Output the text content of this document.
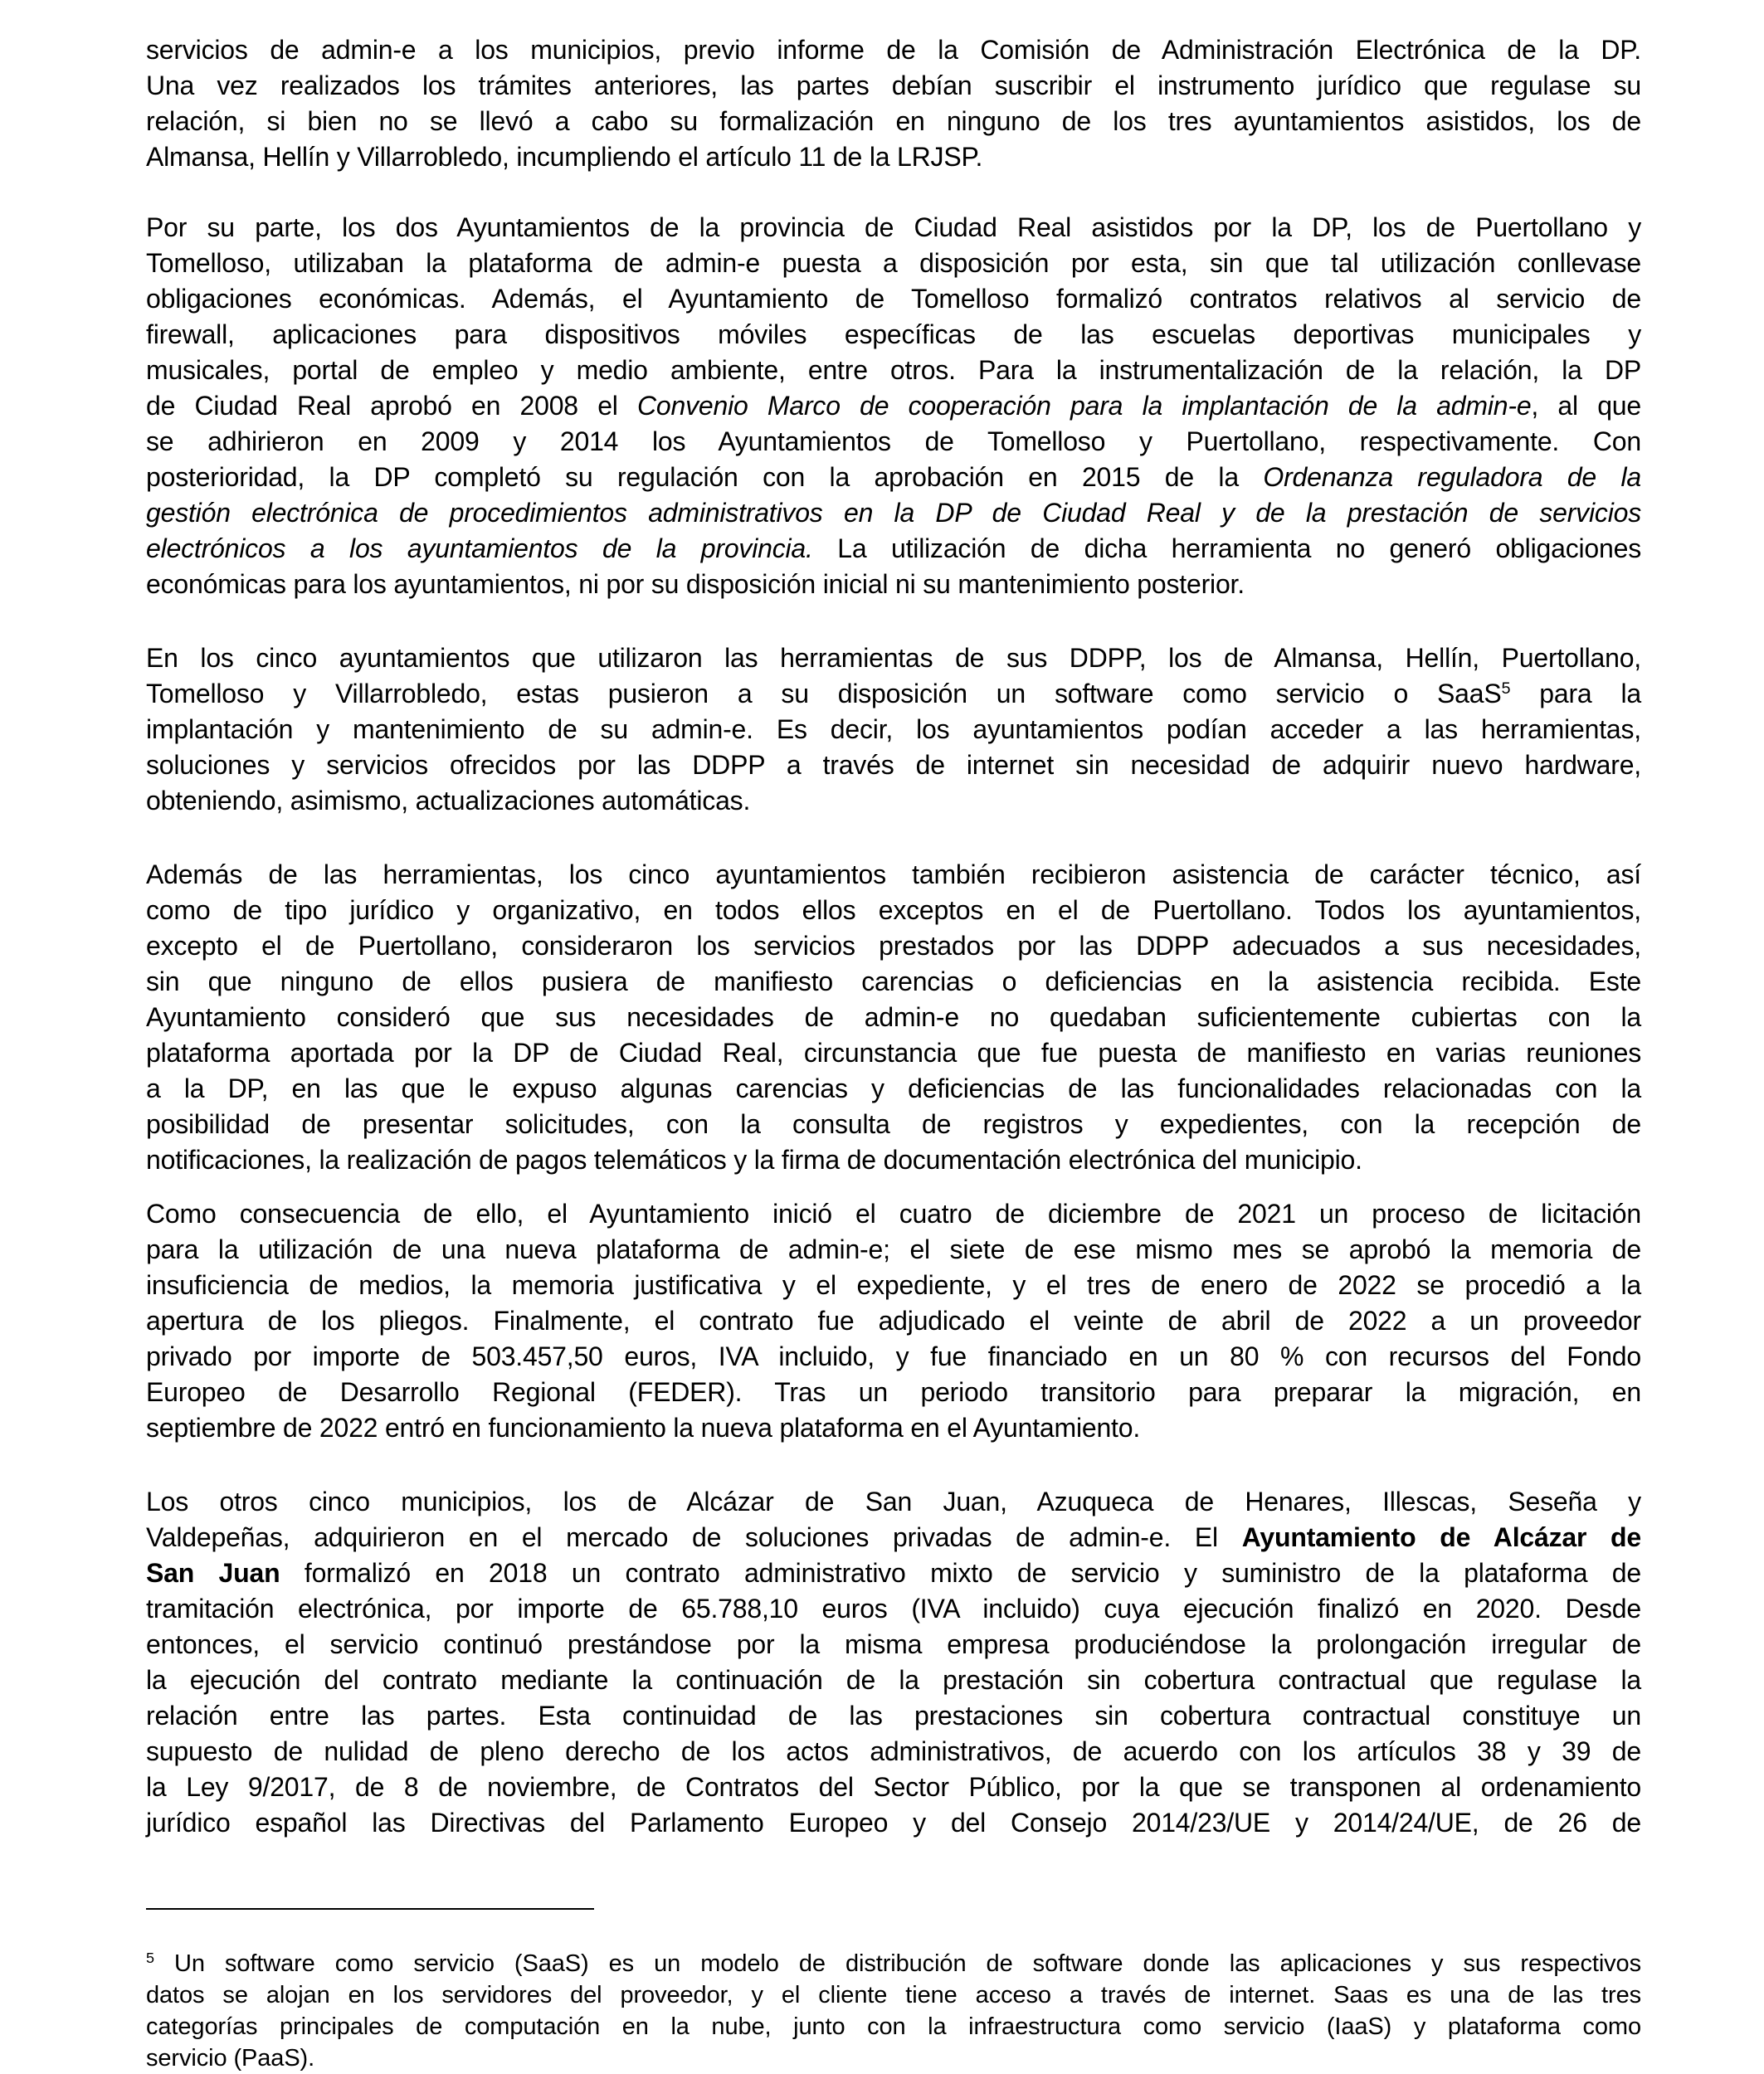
servicios de admin-e a los municipios, previo informe de la Comisión de Administración Electrónica de la DP.
Una vez realizados los trámites anteriores, las partes debían suscribir el instrumento jurídico que regulase su
relación, si bien no se llevó a cabo su formalización en ninguno de los tres ayuntamientos asistidos, los de
Almansa, Hellín y Villarrobledo, incumpliendo el artículo 11 de la LRJSP.
Por su parte, los dos Ayuntamientos de la provincia de Ciudad Real asistidos por la DP, los de Puertollano y
Tomelloso, utilizaban la plataforma de admin-e puesta a disposición por esta, sin que tal utilización conllevase
obligaciones económicas. Además, el Ayuntamiento de Tomelloso formalizó contratos relativos al servicio de
firewall, aplicaciones para dispositivos móviles específicas de las escuelas deportivas municipales y
musicales, portal de empleo y medio ambiente, entre otros. Para la instrumentalización de la relación, la DP
de Ciudad Real aprobó en 2008 el Convenio Marco de cooperación para la implantación de la admin-e, al que
se adhirieron en 2009 y 2014 los Ayuntamientos de Tomelloso y Puertollano, respectivamente. Con
posterioridad, la DP completó su regulación con la aprobación en 2015 de la Ordenanza reguladora de la
gestión electrónica de procedimientos administrativos en la DP de Ciudad Real y de la prestación de servicios
electrónicos a los ayuntamientos de la provincia. La utilización de dicha herramienta no generó obligaciones
económicas para los ayuntamientos, ni por su disposición inicial ni su mantenimiento posterior.
En los cinco ayuntamientos que utilizaron las herramientas de sus DDPP, los de Almansa, Hellín, Puertollano,
Tomelloso y Villarrobledo, estas pusieron a su disposición un software como servicio o SaaS$^5$ para la
implantación y mantenimiento de su admin-e. Es decir, los ayuntamientos podían acceder a las herramientas,
soluciones y servicios ofrecidos por las DDPP a través de internet sin necesidad de adquirir nuevo hardware,
obteniendo, asimismo, actualizaciones automáticas.
Además de las herramientas, los cinco ayuntamientos también recibieron asistencia de carácter técnico, así
como de tipo jurídico y organizativo, en todos ellos exceptos en el de Puertollano. Todos los ayuntamientos,
excepto el de Puertollano, consideraron los servicios prestados por las DDPP adecuados a sus necesidades,
sin que ninguno de ellos pusiera de manifiesto carencias o deficiencias en la asistencia recibida. Este
Ayuntamiento consideró que sus necesidades de admin-e no quedaban suficientemente cubiertas con la
plataforma aportada por la DP de Ciudad Real, circunstancia que fue puesta de manifiesto en varias reuniones
a la DP, en las que le expuso algunas carencias y deficiencias de las funcionalidades relacionadas con la
posibilidad de presentar solicitudes, con la consulta de registros y expedientes, con la recepción de
notificaciones, la realización de pagos telemáticos y la firma de documentación electrónica del municipio.
Como consecuencia de ello, el Ayuntamiento inició el cuatro de diciembre de 2021 un proceso de licitación
para la utilización de una nueva plataforma de admin-e; el siete de ese mismo mes se aprobó la memoria de
insuficiencia de medios, la memoria justificativa y el expediente, y el tres de enero de 2022 se procedió a la
apertura de los pliegos. Finalmente, el contrato fue adjudicado el veinte de abril de 2022 a un proveedor
privado por importe de 503.457,50 euros, IVA incluido, y fue financiado en un 80 % con recursos del Fondo
Europeo de Desarrollo Regional (FEDER). Tras un periodo transitorio para preparar la migración, en
septiembre de 2022 entró en funcionamiento la nueva plataforma en el Ayuntamiento.
Los otros cinco municipios, los de Alcázar de San Juan, Azuqueca de Henares, Illescas, Seseña y
Valdepeñas, adquirieron en el mercado de soluciones privadas de admin-e. El Ayuntamiento de Alcázar de
San Juan formalizó en 2018 un contrato administrativo mixto de servicio y suministro de la plataforma de
tramitación electrónica, por importe de 65.788,10 euros (IVA incluido) cuya ejecución finalizó en 2020. Desde
entonces, el servicio continuó prestándose por la misma empresa produciéndose la prolongación irregular de
la ejecución del contrato mediante la continuación de la prestación sin cobertura contractual que regulase la
relación entre las partes. Esta continuidad de las prestaciones sin cobertura contractual constituye un
supuesto de nulidad de pleno derecho de los actos administrativos, de acuerdo con los artículos 38 y 39 de
la Ley 9/2017, de 8 de noviembre, de Contratos del Sector Público, por la que se transponen al ordenamiento
jurídico español las Directivas del Parlamento Europeo y del Consejo 2014/23/UE y 2014/24/UE, de 26 de
$^5$ Un software como servicio (SaaS) es un modelo de distribución de software donde las aplicaciones y sus respectivos
datos se alojan en los servidores del proveedor, y el cliente tiene acceso a través de internet. Saas es una de las tres
categorías principales de computación en la nube, junto con la infraestructura como servicio (IaaS) y plataforma como
servicio (PaaS).
